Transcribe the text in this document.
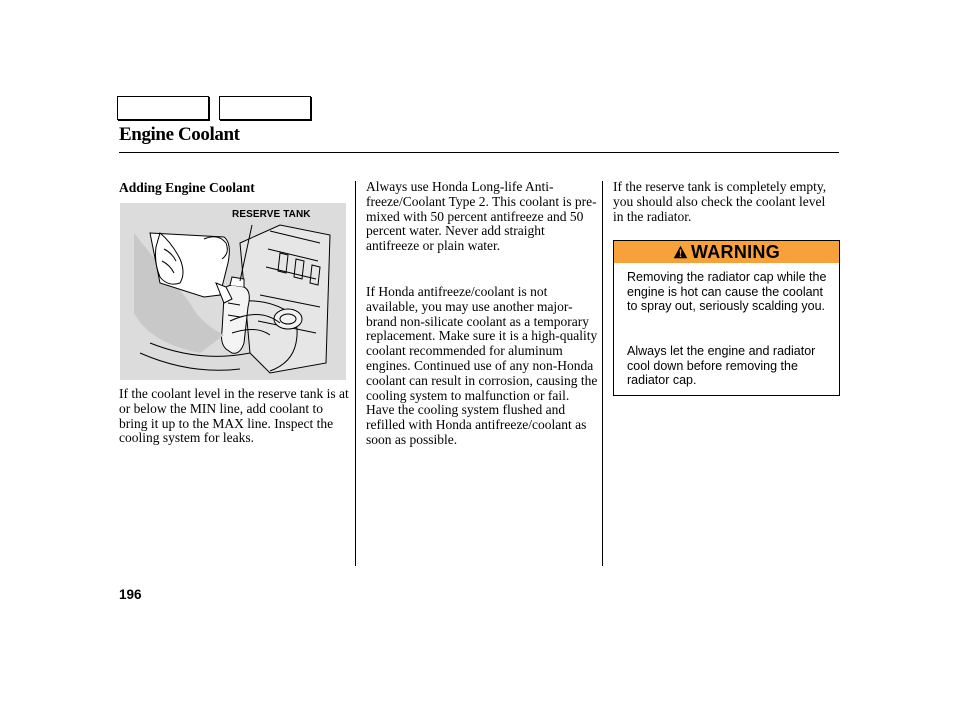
Engine Coolant
Adding Engine Coolant
RESERVE TANK
If the coolant level in the reserve tank is at or below the MIN line, add coolant to bring it up to the MAX line. Inspect the cooling system for leaks.
Always use Honda Long-life Anti-freeze/Coolant Type 2. This coolant is pre-mixed with 50 percent antifreeze and 50 percent water. Never add straight antifreeze or plain water.
If Honda antifreeze/coolant is not available, you may use another major-brand non-silicate coolant as a temporary replacement. Make sure it is a high-quality coolant recommended for aluminum engines. Continued use of any non-Honda coolant can result in corrosion, causing the cooling system to malfunction or fail. Have the cooling system flushed and refilled with Honda antifreeze/coolant as soon as possible.
If the reserve tank is completely empty, you should also check the coolant level in the radiator.
WARNING
Removing the radiator cap while the engine is hot can cause the coolant to spray out, seriously scalding you.
Always let the engine and radiator cool down before removing the radiator cap.
196
